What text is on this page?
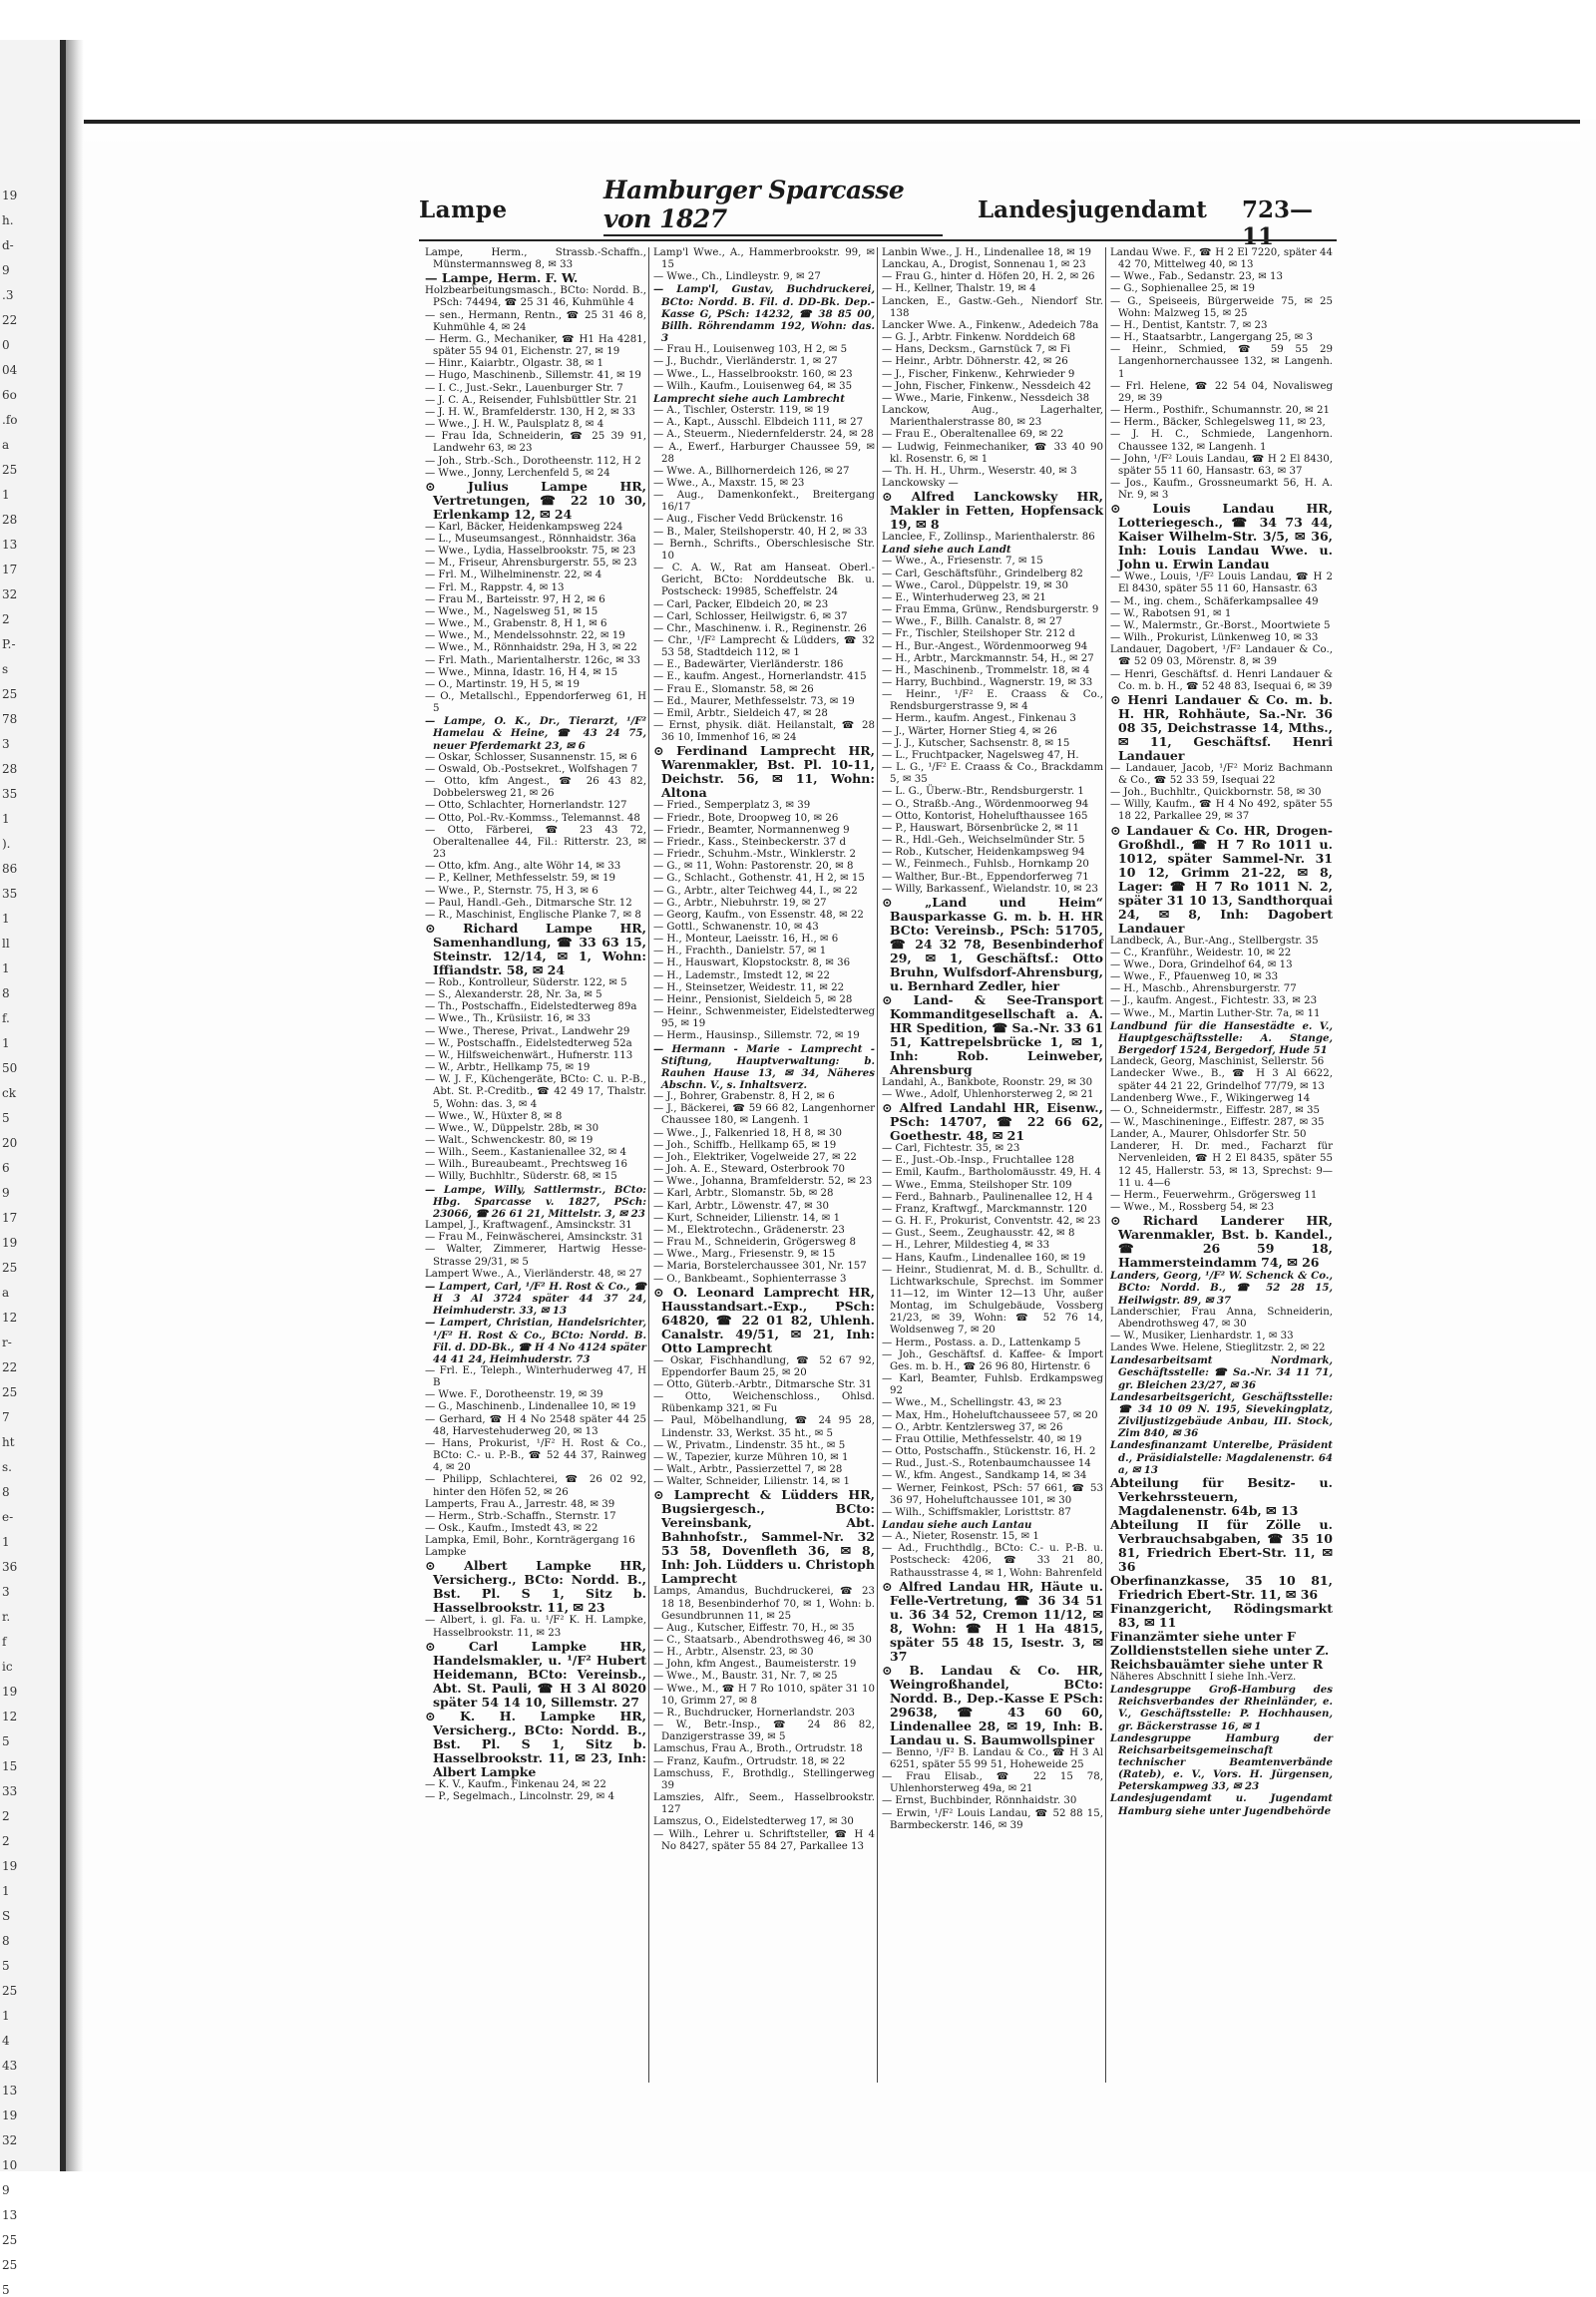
19
h.
d-
9
.3
22
0
04
6o
.fo
a
25
1
28
13
17
32
2
P.-
s
25
78
3
28
35
1
).
86
35
1
ll
1
8
f.
1
50
ck
5
20
6
9
17
19
25
a
12
r-
22
25
7
ht
s.
8
e-
1
36
3
r.
f
ic
19
12
5
15
33
2
2
19
1
S
8
5
25
1
4
43
13
19
32
10
9
13
25
25
5
Lampe
Hamburger Sparcasse von 1827	Landesjugendamt 723—11

Lampe, Herm., Strassb.-Schaffn., Münstermannsweg 8, ✉ 33

— Lampe, Herm. F. W.

Holzbearbeitungsmasch., BCto: Nordd. B., PSch: 74494, ☎ 25 31 46, Kuhmühle 4

— sen., Hermann, Rentn., ☎ 25 31 46 8, Kuhmühle 4, ✉ 24

— Herm. G., Mechaniker, ☎ H1 Ha 4281, später 55 94 01, Eichenstr. 27, ✉ 19

— Hinr., Kaiarbtr., Olgastr. 38, ✉ 1

— Hugo, Maschinenb., Sillemstr. 41, ✉ 19

— I. C., Just.-Sekr., Lauenburger Str. 7

— J. C. A., Reisender, Fuhlsbüttler Str. 21

— J. H. W., Bramfelderstr. 130, H 2, ✉ 33

— Wwe., J. H. W., Paulsplatz 8, ✉ 4

— Frau Ida, Schneiderin, ☎ 25 39 91, Landwehr 63, ✉ 23

— Joh., Strb.-Sch., Dorotheenstr. 112, H 2

— Wwe., Jonny, Lerchenfeld 5, ✉ 24

⊙ Julius Lampe HR, Vertretungen, ☎ 22 10 30, Erlenkamp 12, ✉ 24

— Karl, Bäcker, Heidenkampsweg 224

— L., Museumsangest., Rönnhaidstr. 36a

— Wwe., Lydia, Hasselbrookstr. 75, ✉ 23

— M., Friseur, Ahrensburgerstr. 55, ✉ 23

— Frl. M., Wilhelminenstr. 22, ✉ 4

— Frl. M., Rappstr. 4, ✉ 13

— Frau M., Barteisstr. 97, H 2, ✉ 6

— Wwe., M., Nagelsweg 51, ✉ 15

— Wwe., M., Grabenstr. 8, H 1, ✉ 6

— Wwe., M., Mendelssohnstr. 22, ✉ 19

— Wwe., M., Rönnhaidstr. 29a, H 3, ✉ 22

— Frl. Math., Marientalherstr. 126c, ✉ 33

— Wwe., Minna, Idastr. 16, H 4, ✉ 15

— O., Martinstr. 19, H 5, ✉ 19

— O., Metallschl., Eppendorferweg 61, H 5

— Lampe, O. K., Dr., Tierarzt, ¹/F² Hamelau & Heine, ☎ 43 24 75, neuer Pferdemarkt 23, ✉ 6

— Oskar, Schlosser, Susannenstr. 15, ✉ 6

— Oswald, Ob.-Postsekret., Wolfshagen 7

— Otto, kfm Angest., ☎ 26 43 82, Dobbelersweg 21, ✉ 26

— Otto, Schlachter, Hornerlandstr. 127

— Otto, Pol.-Rv.-Kommss., Telemannst. 48

— Otto, Färberei, ☎ 23 43 72, Oberaltenallee 44, Fil.: Ritterstr. 23, ✉ 23

— Otto, kfm. Ang., alte Wöhr 14, ✉ 33

— P., Kellner, Methfesselstr. 59, ✉ 19

— Wwe., P., Sternstr. 75, H 3, ✉ 6

— Paul, Handl.-Geh., Ditmarsche Str. 12

— R., Maschinist, Englische Planke 7, ✉ 8

⊙ Richard Lampe HR, Samenhandlung, ☎ 33 63 15, Steinstr. 12/14, ✉ 1, Wohn: Iffiandstr. 58, ✉ 24

— Rob., Kontrolleur, Süderstr. 122, ✉ 5

— S., Alexanderstr. 28, Nr. 3a, ✉ 5

— Th., Postschaffn., Eidelstedterweg 89a

— Wwe., Th., Krüsiistr. 16, ✉ 33

— Wwe., Therese, Privat., Landwehr 29

— W., Postschaffn., Eidelstedterweg 52a

— W., Hilfsweichenwärt., Hufnerstr. 113

— W., Arbtr., Hellkamp 75, ✉ 19

— W. J. F., Küchengeräte, BCto: C. u. P.-B., Abt. St. P.-Creditb., ☎ 42 49 17, Thalstr. 5, Wohn: das. 3, ✉ 4

— Wwe., W., Hüxter 8, ✉ 8

— Wwe., W., Düppelstr. 28b, ✉ 30

— Walt., Schwenckestr. 80, ✉ 19

— Wilh., Seem., Kastanienallee 32, ✉ 4

— Wilh., Bureaubeamt., Prechtsweg 16

— Willy, Buchhltr., Süderstr. 68, ✉ 15

— Lampe, Willy, Sattlermstr., BCto: Hbg. Sparcasse v. 1827, PSch: 23066, ☎ 26 61 21, Mittelstr. 3, ✉ 23

Lampel, J., Kraftwagenf., Amsinckstr. 31

— Frau M., Feinwäscherei, Amsinckstr. 31

— Walter, Zimmerer, Hartwig Hesse-Strasse 29/31, ✉ 5

Lampert Wwe., A., Vierländerstr. 48, ✉ 27

— Lampert, Carl, ¹/F² H. Rost & Co., ☎ H 3 Al 3724 später 44 37 24, Heimhuderstr. 33, ✉ 13

— Lampert, Christian, Handelsrichter, ¹/F² H. Rost & Co., BCto: Nordd. B. Fil. d. DD-Bk., ☎ H 4 No 4124 später 44 41 24, Heimhuderstr. 73

— Frl. E., Teleph., Winterhuderweg 47, H B

— Wwe. F., Dorotheenstr. 19, ✉ 39

— G., Maschinenb., Lindenallee 10, ✉ 19

— Gerhard, ☎ H 4 No 2548 später 44 25 48, Harvestehuderweg 20, ✉ 13

— Hans, Prokurist, ¹/F² H. Rost & Co., BCto: C.- u. P.-B., ☎ 52 44 37, Rainweg 4, ✉ 20

— Philipp, Schlachterei, ☎ 26 02 92, hinter den Höfen 52, ✉ 26

Lamperts, Frau A., Jarrestr. 48, ✉ 39

— Herm., Strb.-Schaffn., Sternstr. 17

— Osk., Kaufm., Imstedt 43, ✉ 22

Lampka, Emil, Bohr., Kornträgergang 16

Lampke

⊙ Albert Lampke HR, Versicherg., BCto: Nordd. B., Bst. Pl. S 1, Sitz b. Hasselbrookstr. 11, ✉ 23

— Albert, i. gl. Fa. u. ¹/F² K. H. Lampke, Hasselbrookstr. 11, ✉ 23

⊙ Carl Lampke HR, Handelsmakler, u. ¹/F² Hubert Heidemann, BCto: Vereinsb., Abt. St. Pauli, ☎ H 3 Al 8020 später 54 14 10, Sillemstr. 27

⊙ K. H. Lampke HR, Versicherg., BCto: Nordd. B., Bst. Pl. S 1, Sitz b. Hasselbrookstr. 11, ✉ 23, Inh: Albert Lampke

— K. V., Kaufm., Finkenau 24, ✉ 22

— P., Segelmach., Lincolnstr. 29, ✉ 4

Lamp'l Wwe., A., Hammerbrookstr. 99, ✉ 15

— Wwe., Ch., Lindleystr. 9, ✉ 27

— Lamp'l, Gustav, Buchdruckerei, BCto: Nordd. B. Fil. d. DD-Bk. Dep.-Kasse G, PSch: 14232, ☎ 38 85 00, Billh. Röhrendamm 192, Wohn: das. 3

— Frau H., Louisenweg 103, H 2, ✉ 5

— J., Buchdr., Vierländerstr. 1, ✉ 27

— Wwe., L., Hasselbrookstr. 160, ✉ 23

— Wilh., Kaufm., Louisenweg 64, ✉ 35

Lamprecht siehe auch Lambrecht

— A., Tischler, Osterstr. 119, ✉ 19

— A., Kapt., Ausschl. Elbdeich 111, ✉ 27

— A., Steuerm., Niedernfelderstr. 24, ✉ 28

— A., Ewerf., Harburger Chaussee 59, ✉ 28

— Wwe. A., Billhornerdeich 126, ✉ 27

— Wwe., A., Maxstr. 15, ✉ 23

— Aug., Damenkonfekt., Breitergang 16/17

— Aug., Fischer Vedd Brückenstr. 16

— B., Maler, Steilshoperstr. 40, H 2, ✉ 33

— Bernh., Schrifts., Oberschlesische Str. 10

— C. A. W., Rat am Hanseat. Oberl.-Gericht, BCto: Norddeutsche Bk. u. Postscheck: 19985, Scheffelstr. 24

— Carl, Packer, Elbdeich 20, ✉ 23

— Carl, Schlosser, Heilwigstr. 6, ✉ 37

— Chr., Maschinenw. i. R., Reginenstr. 26

— Chr., ¹/F² Lamprecht & Lüdders, ☎ 32 53 58, Stadtdeich 112, ✉ 1

— E., Badewärter, Vierländerstr. 186

— E., kaufm. Angest., Hornerlandstr. 415

— Frau E., Slomanstr. 58, ✉ 26

— Ed., Maurer, Methfesselstr. 73, ✉ 19

— Emil, Arbtr., Sieldeich 47, ✉ 28

— Ernst, physik. diät. Heilanstalt, ☎ 28 36 10, Immenhof 16, ✉ 24

⊙ Ferdinand Lamprecht HR, Warenmakler, Bst. Pl. 10-11, Deichstr. 56, ✉ 11, Wohn: Altona

— Fried., Semperplatz 3, ✉ 39

— Friedr., Bote, Droopweg 10, ✉ 26

— Friedr., Beamter, Normannenweg 9

— Friedr., Kass., Steinbeckerstr. 37 d

— Friedr., Schuhm.-Mstr., Winklerstr. 2

— G., ✉ 11, Wohn: Pastorenstr. 20, ✉ 8

— G., Schlacht., Gothenstr. 41, H 2, ✉ 15

— G., Arbtr., alter Teichweg 44, I., ✉ 22

— G., Arbtr., Niebuhrstr. 19, ✉ 27

— Georg, Kaufm., von Essenstr. 48, ✉ 22

— Gottl., Schwanenstr. 10, ✉ 43

— H., Monteur, Laeisstr. 16, H., ✉ 6

— H., Frachth., Danielstr. 57, ✉ 1

— H., Hauswart, Klopstockstr. 8, ✉ 36

— H., Lademstr., Imstedt 12, ✉ 22

— H., Steinsetzer, Weidestr. 11, ✉ 22

— Heinr., Pensionist, Sieldeich 5, ✉ 28

— Heinr., Schwenmeister, Eidelstedterweg 95, ✉ 19

— Herm., Hausinsp., Sillemstr. 72, ✉ 19

— Hermann - Marie - Lamprecht - Stiftung, Hauptverwaltung: b. Rauhen Hause 13, ✉ 34, Näheres Abschn. V., s. Inhaltsverz.

— J., Bohrer, Grabenstr. 8, H 2, ✉ 6

— J., Bäckerei, ☎ 59 66 82, Langenhorner Chaussee 180, ✉ Langenh. 1

— Wwe., J., Falkenried 18, H 8, ✉ 30

— Joh., Schiffb., Hellkamp 65, ✉ 19

— Joh., Elektriker, Vogelweide 27, ✉ 22

— Joh. A. E., Steward, Osterbrook 70

— Wwe., Johanna, Bramfelderstr. 52, ✉ 23

— Karl, Arbtr., Slomanstr. 5b, ✉ 28

— Karl, Arbtr., Löwenstr. 47, ✉ 30

— Kurt, Schneider, Lilienstr. 14, ✉ 1

— M., Elektrotechn., Grädenerstr. 23

— Frau M., Schneiderin, Grögersweg 8

— Wwe., Marg., Friesenstr. 9, ✉ 15

— Maria, Borstelerchaussee 301, Nr. 157

— O., Bankbeamt., Sophienterrasse 3

⊙ O. Leonard Lamprecht HR, Hausstandsart.-Exp., PSch: 64820, ☎ 22 01 82, Uhlenh. Canalstr. 49/51, ✉ 21, Inh: Otto Lamprecht

— Oskar, Fischhandlung, ☎ 52 67 92, Eppendorfer Baum 25, ✉ 20

— Otto, Güterb.-Arbtr., Ditmarsche Str. 31

— Otto, Weichenschloss., Ohlsd. Rübenkamp 321, ✉ Fu

— Paul, Möbelhandlung, ☎ 24 95 28, Lindenstr. 33, Werkst. 35 ht., ✉ 5

— W., Privatm., Lindenstr. 35 ht., ✉ 5

— W., Tapezier, kurze Mühren 10, ✉ 1

— Walt., Arbtr., Passierzettel 7, ✉ 28

— Walter, Schneider, Lilienstr. 14, ✉ 1

⊙ Lamprecht & Lüdders HR, Bugsiergesch., BCto: Vereinsbank, Abt. Bahnhofstr., Sammel-Nr. 32 53 58, Dovenfleth 36, ✉ 8, Inh: Joh. Lüdders u. Christoph Lamprecht

Lamps, Amandus, Buchdruckerei, ☎ 23 18 18, Besenbinderhof 70, ✉ 1, Wohn: b. Gesundbrunnen 11, ✉ 25

— Aug., Kutscher, Eiffestr. 70, H., ✉ 35

— C., Staatsarb., Abendrothsweg 46, ✉ 30

— H., Arbtr., Alsenstr. 23, ✉ 30

— John, kfm Angest., Baumeisterstr. 19

— Wwe., M., Baustr. 31, Nr. 7, ✉ 25

— Wwe., M., ☎ H 7 Ro 1010, später 31 10 10, Grimm 27, ✉ 8

— R., Buchdrucker, Hornerlandstr. 203

— W., Betr.-Insp., ☎ 24 86 82, Danzigerstrasse 39, ✉ 5

Lamschus, Frau A., Broth., Ortrudstr. 18

— Franz, Kaufm., Ortrudstr. 18, ✉ 22

Lamschuss, F., Brothdlg., Stellingerweg 39

Lamszies, Alfr., Seem., Hasselbrookstr. 127

Lamszus, O., Eidelstedterweg 17, ✉ 30

— Wilh., Lehrer u. Schriftsteller, ☎ H 4 No 8427, später 55 84 27, Parkallee 13

Lanbin Wwe., J. H., Lindenallee 18, ✉ 19

Lanckau, A., Drogist, Sonnenau 1, ✉ 23

— Frau G., hinter d. Höfen 20, H. 2, ✉ 26

— H., Kellner, Thalstr. 19, ✉ 4

Lancken, E., Gastw.-Geh., Niendorf Str. 138

Lancker Wwe. A., Finkenw., Adedeich 78a

— G. J., Arbtr. Finkenw. Norddeich 68

— Hans, Decksm., Garnstück 7, ✉ Fi

— Heinr., Arbtr. Döhnerstr. 42, ✉ 26

— J., Fischer, Finkenw., Kehrwieder 9

— John, Fischer, Finkenw., Nessdeich 42

— Wwe., Marie, Finkenw., Nessdeich 38

Lanckow, Aug., Lagerhalter, Marienthalerstrasse 80, ✉ 23

— Frau E., Oberaltenallee 69, ✉ 22

— Ludwig, Feinmechaniker, ☎ 33 40 90 kl. Rosenstr. 6, ✉ 1

— Th. H. H., Uhrm., Weserstr. 40, ✉ 3

Lanckowsky —

⊙ Alfred Lanckowsky HR, Makler in Fetten, Hopfensack 19, ✉ 8

Lanclee, F., Zollinsp., Marienthalerstr. 86

Land siehe auch Landt

— Wwe., A., Friesenstr. 7, ✉ 15

— Carl, Geschäftsführ., Grindelberg 82

— Wwe., Carol., Düppelstr. 19, ✉ 30

— E., Winterhuderweg 23, ✉ 21

— Frau Emma, Grünw., Rendsburgerstr. 9

— Wwe., F., Billh. Canalstr. 8, ✉ 27

— Fr., Tischler, Steilshoper Str. 212 d

— H., Bur.-Angest., Wördenmoorweg 94

— H., Arbtr., Marckmannstr. 54, H., ✉ 27

— H., Maschinenb., Trommelstr. 18, ✉ 4

— Harry, Buchbind., Wagnerstr. 19, ✉ 33

— Heinr., ¹/F² E. Craass & Co., Rendsburgerstrasse 9, ✉ 4

— Herm., kaufm. Angest., Finkenau 3

— J., Wärter, Horner Stieg 4, ✉ 26

— J. J., Kutscher, Sachsenstr. 8, ✉ 15

— L., Fruchtpacker, Nagelsweg 47, H.

— L. G., ¹/F² E. Craass & Co., Brackdamm 5, ✉ 35

— L. G., Überw.-Btr., Rendsburgerstr. 1

— O., Straßb.-Ang., Wördenmoorweg 94

— Otto, Kontorist, Hohelufthaussee 165

— P., Hauswart, Börsenbrücke 2, ✉ 11

— R., Hdl.-Geh., Weichselmünder Str. 5

— Rob., Kutscher, Heidenkampsweg 94

— W., Feinmech., Fuhlsb., Hornkamp 20

— Walther, Bur.-Bt., Eppendorferweg 71

— Willy, Barkassenf., Wielandstr. 10, ✉ 23

⊙ „Land und Heim“ Bausparkasse G. m. b. H. HR BCto: Vereinsb., PSch: 51705, ☎ 24 32 78, Besenbinderhof 29, ✉ 1, Geschäftsf.: Otto Bruhn, Wulfsdorf-Ahrensburg, u. Bernhard Zedler, hier

⊙ Land- & See-Transport Kommanditgesellschaft a. A. HR Spedition, ☎ Sa.-Nr. 33 61 51, Kattrepelsbrücke 1, ✉ 1, Inh: Rob. Leinweber, Ahrensburg

Landahl, A., Bankbote, Roonstr. 29, ✉ 30

— Wwe., Adolf, Uhlenhorsterweg 2, ✉ 21

⊙ Alfred Landahl HR, Eisenw., PSch: 14707, ☎ 22 66 62, Goethestr. 48, ✉ 21

— Carl, Fichtestr. 35, ✉ 23

— E., Just.-Ob.-Insp., Fruchtallee 128

— Emil, Kaufm., Bartholomäusstr. 49, H. 4

— Wwe., Emma, Steilshoper Str. 109

— Ferd., Bahnarb., Paulinenallee 12, H 4

— Franz, Kraftwgf., Marckmannstr. 120

— G. H. F., Prokurist, Conventstr. 42, ✉ 23

— Gust., Seem., Zeughausstr. 42, ✉ 8

— H., Lehrer, Mildestieg 4, ✉ 33

— Hans, Kaufm., Lindenallee 160, ✉ 19

— Heinr., Studienrat, M. d. B., Schulltr. d. Lichtwarkschule, Sprechst. im Sommer 11—12, im Winter 12—13 Uhr, außer Montag, im Schulgebäude, Vossberg 21/23, ✉ 39, Wohn: ☎ 52 76 14, Woldsenweg 7, ✉ 20

— Herm., Postass. a. D., Lattenkamp 5

— Joh., Geschäftsf. d. Kaffee- & Import Ges. m. b. H., ☎ 26 96 80, Hirtenstr. 6

— Karl, Beamter, Fuhlsb. Erdkampsweg 92

— Wwe., M., Schellingstr. 43, ✉ 23

— Max, Hm., Hoheluftchausseee 57, ✉ 20

— O., Arbtr. Kentzlersweg 37, ✉ 26

— Frau Ottilie, Methfesselstr. 40, ✉ 19

— Otto, Postschaffn., Stückenstr. 16, H. 2

— Rud., Just.-S., Rotenbaumchaussee 14

— W., kfm. Angest., Sandkamp 14, ✉ 34

— Werner, Feinkost, PSch: 57 661, ☎ 53 36 97, Hoheluftchaussee 101, ✉ 30

— Wilh., Schiffsmakler, Loristtstr. 87

Landau siehe auch Lantau

— A., Nieter, Rosenstr. 15, ✉ 1

— Ad., Fruchthdlg., BCto: C.- u. P.-B. u. Postscheck: 4206, ☎ 33 21 80, Rathausstrasse 4, ✉ 1, Wohn: Bahrenfeld

⊙ Alfred Landau HR, Häute u. Felle-Vertretung, ☎ 36 34 51 u. 36 34 52, Cremon 11/12, ✉ 8, Wohn: ☎ H 1 Ha 4815, später 55 48 15, Isestr. 3, ✉ 37

⊙ B. Landau & Co. HR, Weingroßhandel, BCto: Nordd. B., Dep.-Kasse E PSch: 29638, ☎ 43 60 60, Lindenallee 28, ✉ 19, Inh: B. Landau u. S. Baumwollspiner

— Benno, ¹/F² B. Landau & Co., ☎ H 3 Al 6251, später 55 99 51, Hoheweide 25

— Frau Elisab., ☎ 22 15 78, Uhlenhorsterweg 49a, ✉ 21

— Ernst, Buchbinder, Rönnhaidstr. 30

— Erwin, ¹/F² Louis Landau, ☎ 52 88 15, Barmbeckerstr. 146, ✉ 39

Landau Wwe. F., ☎ H 2 El 7220, später 44 42 70, Mittelweg 40, ✉ 13

— Wwe., Fab., Sedanstr. 23, ✉ 13

— G., Sophienallee 25, ✉ 19

— G., Speiseeis, Bürgerweide 75, ✉ 25 Wohn: Malzweg 15, ✉ 25

— H., Dentist, Kantstr. 7, ✉ 23

— H., Staatsarbtr., Langergang 25, ✉ 3

— Heinr., Schmied, ☎ 59 55 29 Langenhornerchaussee 132, ✉ Langenh. 1

— Frl. Helene, ☎ 22 54 04, Novalisweg 29, ✉ 39

— Herm., Posthifr., Schumannstr. 20, ✉ 21

— Herm., Bäcker, Schlegelsweg 11, ✉ 23,

— J. H. C., Schmiede, Langenhorn. Chaussee 132, ✉ Langenh. 1

— John, ¹/F² Louis Landau, ☎ H 2 El 8430, später 55 11 60, Hansastr. 63, ✉ 37

— Jos., Kaufm., Grossneumarkt 56, H. A. Nr. 9, ✉ 3

⊙ Louis Landau HR, Lotteriegesch., ☎ 34 73 44, Kaiser Wilhelm-Str. 3/5, ✉ 36, Inh: Louis Landau Wwe. u. John u. Erwin Landau

— Wwe., Louis, ¹/F² Louis Landau, ☎ H 2 El 8430, später 55 11 60, Hansastr. 63

— M., ing. chem., Schäferkampsallee 49

— W., Rabotsen 91, ✉ 1

— W., Malermstr., Gr.-Borst., Moortwiete 5

— Wilh., Prokurist, Lünkenweg 10, ✉ 33

Landauer, Dagobert, ¹/F² Landauer & Co., ☎ 52 09 03, Mörenstr. 8, ✉ 39

— Henri, Geschäftsf. d. Henri Landauer & Co. m. b. H., ☎ 52 48 83, Isequai 6, ✉ 39

⊙ Henri Landauer & Co. m. b. H. HR, Rohhäute, Sa.-Nr. 36 08 35, Deichstrasse 14, Mths., ✉ 11, Geschäftsf. Henri Landauer

— Landauer, Jacob, ¹/F² Moriz Bachmann & Co., ☎ 52 33 59, Isequai 22

— Joh., Buchhltr., Quickbornstr. 58, ✉ 30

— Willy, Kaufm., ☎ H 4 No 492, später 55 18 22, Parkallee 29, ✉ 37

⊙ Landauer & Co. HR, Drogen-Großhdl., ☎ H 7 Ro 1011 u. 1012, später Sammel-Nr. 31 10 12, Grimm 21-22, ✉ 8, Lager: ☎ H 7 Ro 1011 N. 2, später 31 10 13, Sandthorquai 24, ✉ 8, Inh: Dagobert Landauer

Landbeck, A., Bur.-Ang., Stellbergstr. 35

— C., Kranführ., Weidestr. 10, ✉ 22

— Wwe., Dora, Grindelhof 64, ✉ 13

— Wwe., F., Pfauenweg 10, ✉ 33

— H., Maschb., Ahrensburgerstr. 77

— J., kaufm. Angest., Fichtestr. 33, ✉ 23

— Wwe., M., Martin Luther-Str. 7a, ✉ 11

Landbund für die Hansestädte e. V., Hauptgeschäftsstelle: A. Stange, Bergedorf 1524, Bergedorf, Hude 51

Landeck, Georg, Maschinist, Sellerstr. 56

Landecker Wwe., B., ☎ H 3 Al 6622, später 44 21 22, Grindelhof 77/79, ✉ 13

Landenberg Wwe., F., Wikingerweg 14

— O., Schneidermstr., Eiffestr. 287, ✉ 35

— W., Maschineninge., Eiffestr. 287, ✉ 35

Lander, A., Maurer, Ohlsdorfer Str. 50

Landerer, H. Dr. med., Facharzt für Nervenleiden, ☎ H 2 El 8435, später 55 12 45, Hallerstr. 53, ✉ 13, Sprechst: 9—11 u. 4—6

— Herm., Feuerwehrm., Grögersweg 11

— Wwe., M., Rossberg 54, ✉ 23

⊙ Richard Landerer HR, Warenmakler, Bst. b. Kandel., ☎ 26 59 18, Hammersteindamm 74, ✉ 26

Landers, Georg, ¹/F² W. Schenck & Co., BCto: Nordd. B., ☎ 52 28 15, Heilwigstr. 89, ✉ 37

Landerschier, Frau Anna, Schneiderin, Abendrothsweg 47, ✉ 30

— W., Musiker, Lienhardstr. 1, ✉ 33

Landes Wwe. Helene, Stieglitzstr. 2, ✉ 22

Landesarbeitsamt Nordmark, Geschäftsstelle: ☎ Sa.-Nr. 34 11 71, gr. Bleichen 23/27, ✉ 36

Landesarbeitsgericht, Geschäftsstelle: ☎ 34 10 09 N. 195, Sievekingplatz, Ziviljustizgebäude Anbau, III. Stock, Zim 840, ✉ 36

Landesfinanzamt Unterelbe, Präsident d., Präsidialstelle: Magdalenenstr. 64 a, ✉ 13

Abteilung für Besitz- u. Verkehrssteuern, Magdalenenstr. 64b, ✉ 13

Abteilung II für Zölle u. Verbrauchsabgaben, ☎ 35 10 81, Friedrich Ebert-Str. 11, ✉ 36

Oberfinanzkasse, 35 10 81, Friedrich Ebert-Str. 11, ✉ 36

Finanzgericht, Rödingsmarkt 83, ✉ 11

Finanzämter siehe unter F

Zolldienststellen siehe unter Z.

Reichsbauämter siehe unter R

Näheres Abschnitt I siehe Inh.-Verz.

Landesgruppe Groß-Hamburg des Reichsverbandes der Rheinländer, e. V., Geschäftsstelle: P. Hochhausen, gr. Bäckerstrasse 16, ✉ 1

Landesgruppe Hamburg der Reichsarbeitsgemeinschaft technischer Beamtenverbände (Rateb), e. V., Vors. H. Jürgensen, Peterskampweg 33, ✉ 23

Landesjugendamt u. Jugendamt Hamburg siehe unter Jugendbehörde
